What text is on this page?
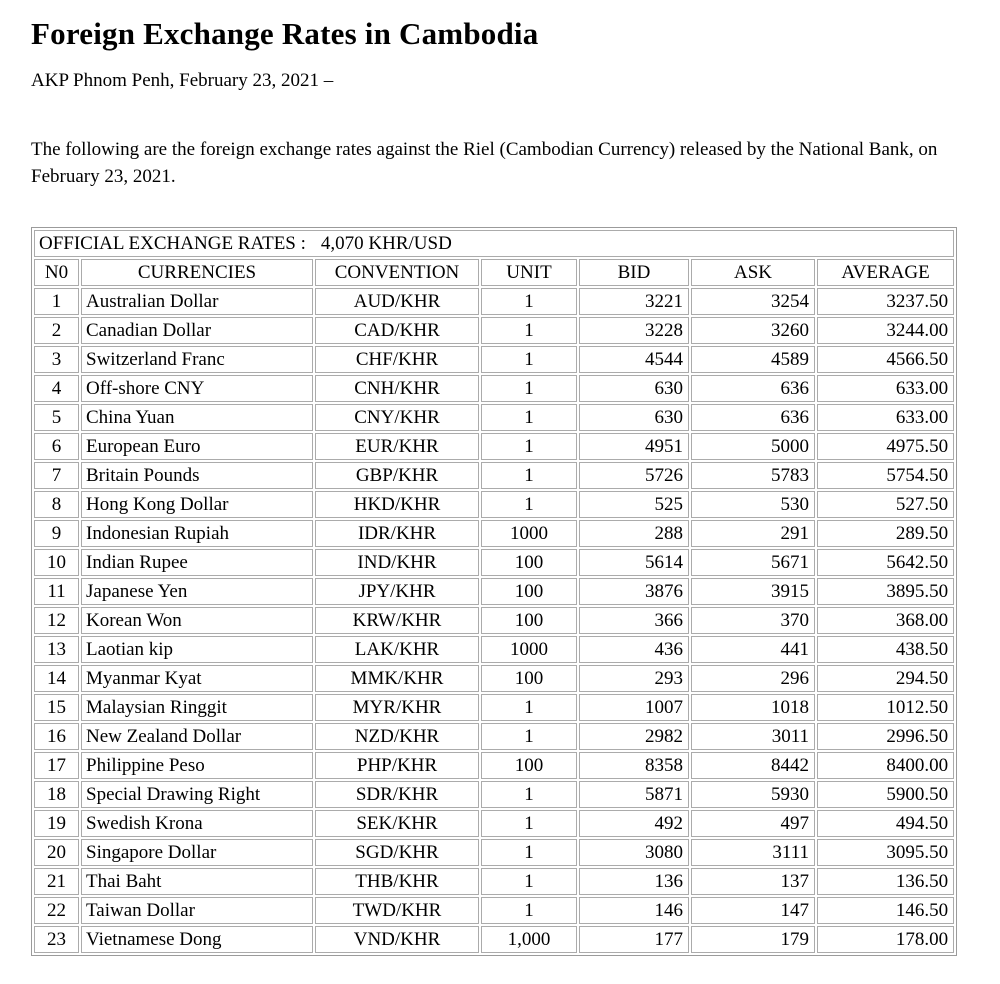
Foreign Exchange Rates in Cambodia
AKP Phnom Penh, February 23, 2021 –

The following are the foreign exchange rates against the Riel (Cambodian Currency) released by the National Bank, on February 23, 2021.

OFFICIAL EXCHANGE RATES : 4,070 KHR/USD						
N0	CURRENCIES	CONVENTION	UNIT	BID	ASK	AVERAGE
1	Australian Dollar	AUD/KHR	1	3221	3254	3237.50
2	Canadian Dollar	CAD/KHR	1	3228	3260	3244.00
3	Switzerland Franc	CHF/KHR	1	4544	4589	4566.50
4	Off-shore CNY	CNH/KHR	1	630	636	633.00
5	China Yuan	CNY/KHR	1	630	636	633.00
6	European Euro	EUR/KHR	1	4951	5000	4975.50
7	Britain Pounds	GBP/KHR	1	5726	5783	5754.50
8	Hong Kong Dollar	HKD/KHR	1	525	530	527.50
9	Indonesian Rupiah	IDR/KHR	1000	288	291	289.50
10	Indian Rupee	IND/KHR	100	5614	5671	5642.50
11	Japanese Yen	JPY/KHR	100	3876	3915	3895.50
12	Korean Won	KRW/KHR	100	366	370	368.00
13	Laotian kip	LAK/KHR	1000	436	441	438.50
14	Myanmar Kyat	MMK/KHR	100	293	296	294.50
15	Malaysian Ringgit	MYR/KHR	1	1007	1018	1012.50
16	New Zealand Dollar	NZD/KHR	1	2982	3011	2996.50
17	Philippine Peso	PHP/KHR	100	8358	8442	8400.00
18	Special Drawing Right	SDR/KHR	1	5871	5930	5900.50
19	Swedish Krona	SEK/KHR	1	492	497	494.50
20	Singapore Dollar	SGD/KHR	1	3080	3111	3095.50
21	Thai Baht	THB/KHR	1	136	137	136.50
22	Taiwan Dollar	TWD/KHR	1	146	147	146.50
23	Vietnamese Dong	VND/KHR	1,000	177	179	178.00
